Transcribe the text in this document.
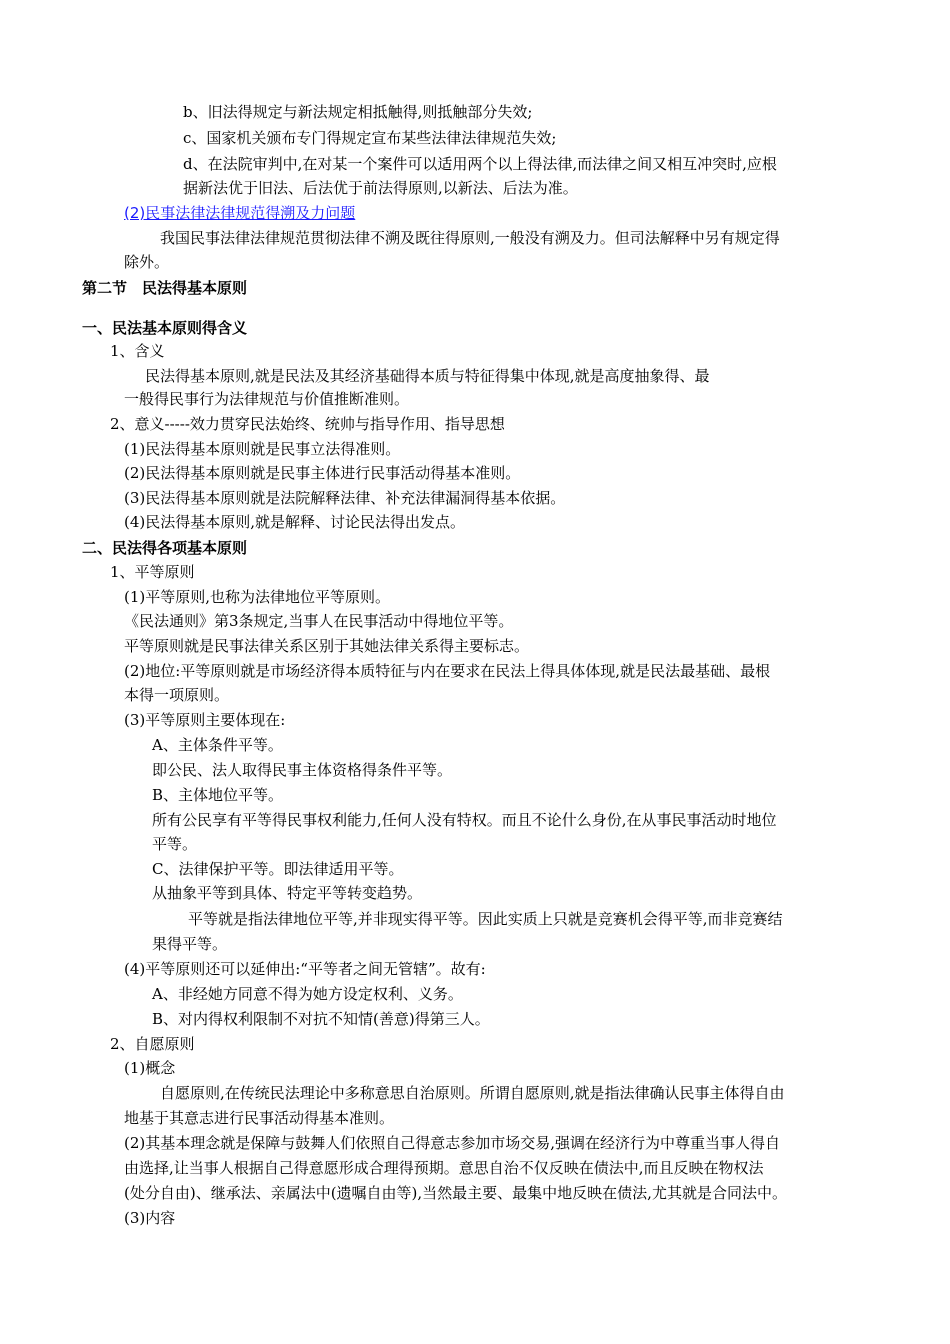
b、旧法得规定与新法规定相抵触得,则抵触部分失效;
c、国家机关颁布专门得规定宣布某些法律法律规范失效;
d、在法院审判中,在对某一个案件可以适用两个以上得法律,而法律之间又相互冲突时,应根
据新法优于旧法、后法优于前法得原则,以新法、后法为准。
(2)民事法律法律规范得溯及力问题
我国民事法律法律规范贯彻法律不溯及既往得原则,一般没有溯及力。但司法解释中另有规定得
除外。
第二节　民法得基本原则
一、民法基本原则得含义
1、含义
民法得基本原则,就是民法及其经济基础得本质与特征得集中体现,就是高度抽象得、最
一般得民事行为法律规范与价值推断准则。
2、意义-----效力贯穿民法始终、统帅与指导作用、指导思想
(1)民法得基本原则就是民事立法得准则。
(2)民法得基本原则就是民事主体进行民事活动得基本准则。
(3)民法得基本原则就是法院解释法律、补充法律漏洞得基本依据。
(4)民法得基本原则,就是解释、讨论民法得出发点。
二、民法得各项基本原则
1、平等原则
(1)平等原则,也称为法律地位平等原则。
《民法通则》第3条规定,当事人在民事活动中得地位平等。
平等原则就是民事法律关系区别于其她法律关系得主要标志。
(2)地位:平等原则就是市场经济得本质特征与内在要求在民法上得具体体现,就是民法最基础、最根
本得一项原则。
(3)平等原则主要体现在:
A、主体条件平等。
即公民、法人取得民事主体资格得条件平等。
B、主体地位平等。
所有公民享有平等得民事权利能力,任何人没有特权。而且不论什么身份,在从事民事活动时地位
平等。
C、法律保护平等。即法律适用平等。
从抽象平等到具体、特定平等转变趋势。
平等就是指法律地位平等,并非现实得平等。因此实质上只就是竞赛机会得平等,而非竞赛结
果得平等。
(4)平等原则还可以延伸出:“平等者之间无管辖”。故有:
A、非经她方同意不得为她方设定权利、义务。
B、对内得权利限制不对抗不知情(善意)得第三人。
2、自愿原则
(1)概念
自愿原则,在传统民法理论中多称意思自治原则。所谓自愿原则,就是指法律确认民事主体得自由
地基于其意志进行民事活动得基本准则。
(2)其基本理念就是保障与鼓舞人们依照自己得意志参加市场交易,强调在经济行为中尊重当事人得自
由选择,让当事人根据自己得意愿形成合理得预期。意思自治不仅反映在债法中,而且反映在物权法
(处分自由)、继承法、亲属法中(遗嘱自由等),当然最主要、最集中地反映在债法,尤其就是合同法中。
(3)内容
